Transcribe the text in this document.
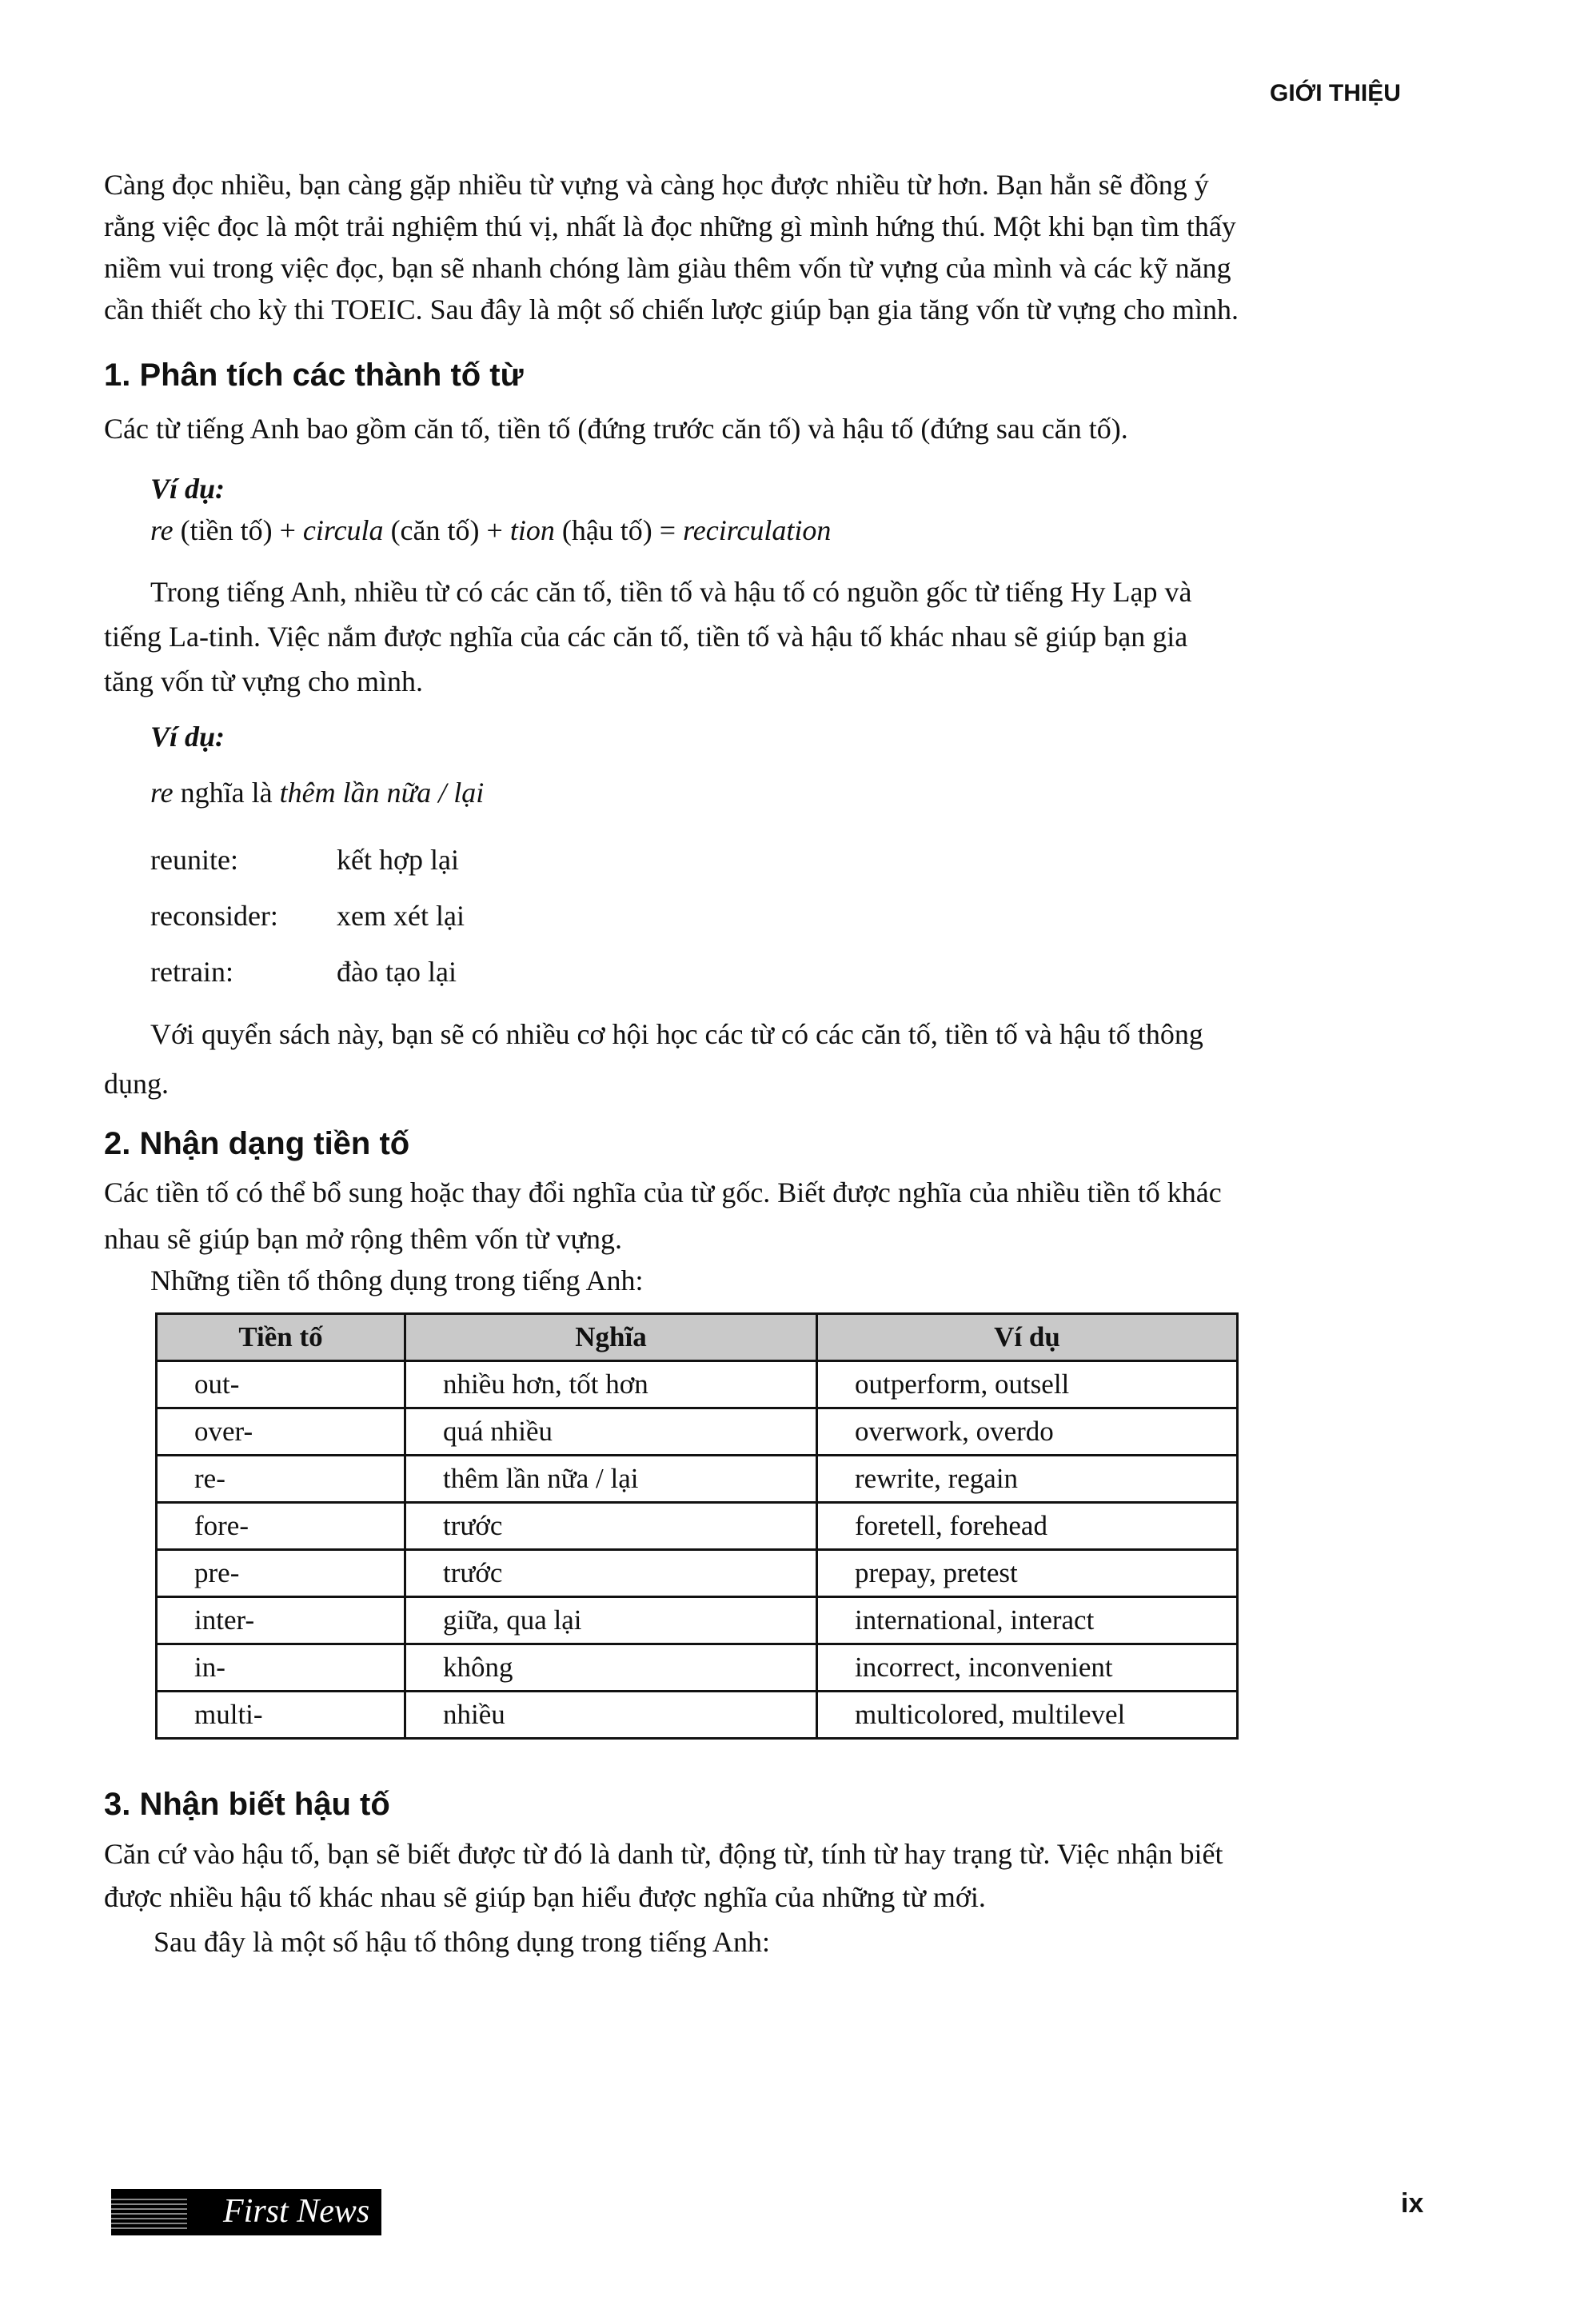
GIỚI THIỆU
Càng đọc nhiều, bạn càng gặp nhiều từ vựng và càng học được nhiều từ hơn. Bạn hẳn sẽ đồng ý
rằng việc đọc là một trải nghiệm thú vị, nhất là đọc những gì mình hứng thú. Một khi bạn tìm thấy
niềm vui trong việc đọc, bạn sẽ nhanh chóng làm giàu thêm vốn từ vựng của mình và các kỹ năng
cần thiết cho kỳ thi TOEIC. Sau đây là một số chiến lược giúp bạn gia tăng vốn từ vựng cho mình.
1. Phân tích các thành tố từ
Các từ tiếng Anh bao gồm căn tố, tiền tố (đứng trước căn tố) và hậu tố (đứng sau căn tố).
Ví dụ:
re (tiền tố) + circula (căn tố) + tion (hậu tố) = recirculation
Trong tiếng Anh, nhiều từ có các căn tố, tiền tố và hậu tố có nguồn gốc từ tiếng Hy Lạp và
tiếng La-tinh. Việc nắm được nghĩa của các căn tố, tiền tố và hậu tố khác nhau sẽ giúp bạn gia
tăng vốn từ vựng cho mình.
Ví dụ:
re nghĩa là thêm lần nữa / lại
reunite:	kết hợp lại
reconsider: xem xét lại
retrain:	đào tạo lại
Với quyển sách này, bạn sẽ có nhiều cơ hội học các từ có các căn tố, tiền tố và hậu tố thông
dụng.
2. Nhận dạng tiền tố
Các tiền tố có thể bổ sung hoặc thay đổi nghĩa của từ gốc. Biết được nghĩa của nhiều tiền tố khác
nhau sẽ giúp bạn mở rộng thêm vốn từ vựng.
Những tiền tố thông dụng trong tiếng Anh:
Tiền tố	Nghĩa	Ví dụ
out-	nhiều hơn, tốt hơn	outperform, outsell
over-	quá nhiều	overwork, overdo
re-	thêm lần nữa / lại	rewrite, regain
fore-	trước	foretell, forehead
pre-	trước	prepay, pretest
inter-	giữa, qua lại	international, interact
in-	không	incorrect, inconvenient
multi-	nhiều	multicolored, multilevel
3. Nhận biết hậu tố
Căn cứ vào hậu tố, bạn sẽ biết được từ đó là danh từ, động từ, tính từ hay trạng từ. Việc nhận biết
được nhiều hậu tố khác nhau sẽ giúp bạn hiểu được nghĩa của những từ mới.
Sau đây là một số hậu tố thông dụng trong tiếng Anh:
First News	ix
